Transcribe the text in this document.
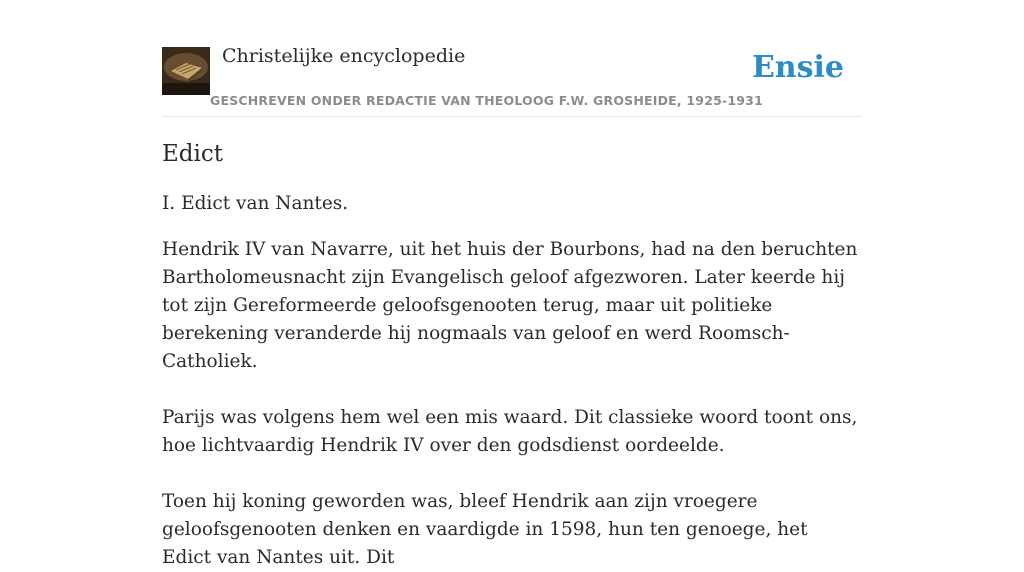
Christelijke encyclopedie
GESCHREVEN ONDER REDACTIE VAN THEOLOOG F.W. GROSHEIDE, 1925-1931
Ensie
Edict

I. Edict van Nantes.

Hendrik IV van Navarre, uit het huis der Bourbons, had na den beruchten Bartholomeusnacht zijn Evangelisch geloof afgezworen. Later keerde hij tot zijn Gereformeerde geloofsgenooten terug, maar uit politieke berekening veranderde hij nogmaals van geloof en werd Roomsch-Catholiek.

Parijs was volgens hem wel een mis waard. Dit classieke woord toont ons, hoe lichtvaardig Hendrik IV over den godsdienst oordeelde.

Toen hij koning geworden was, bleef Hendrik aan zijn vroegere geloofsgenooten denken en vaardigde in 1598, hun ten genoege, het Edict van Nantes uit. Dit
